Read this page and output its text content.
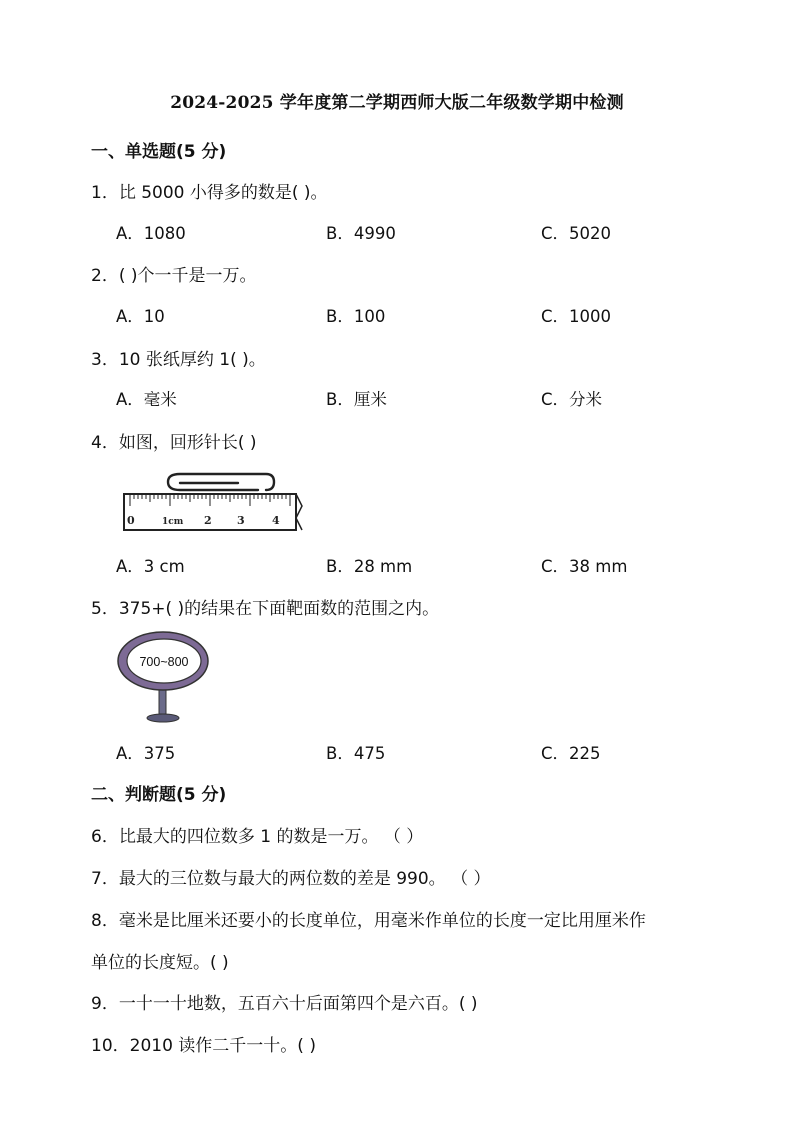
2024-2025 学年度第二学期西师大版二年级数学期中检测
一、单选题(5 分)
1．比 5000 小得多的数是( )。
A．1080	B．4990	C．5020
2．( )个一千是一万。
A．10	B．100	C．1000
3．10 张纸厚约 1( )。
A．毫米	B．厘米	C．分米
4．如图，回形针长( )
0	1cm 2 3 4
A．3 cm	B．28 mm	C．38 mm
5．375+( )的结果在下面靶面数的范围之内。
700~800
A．375	B．475	C．225
二、判断题(5 分)
6．比最大的四位数多 1 的数是一万。 （ ）
7．最大的三位数与最大的两位数的差是 990。 （ ）
8．毫米是比厘米还要小的长度单位，用毫米作单位的长度一定比用厘米作
单位的长度短。( )
9．一十一十地数，五百六十后面第四个是六百。( )
10．2010 读作二千一十。( )
